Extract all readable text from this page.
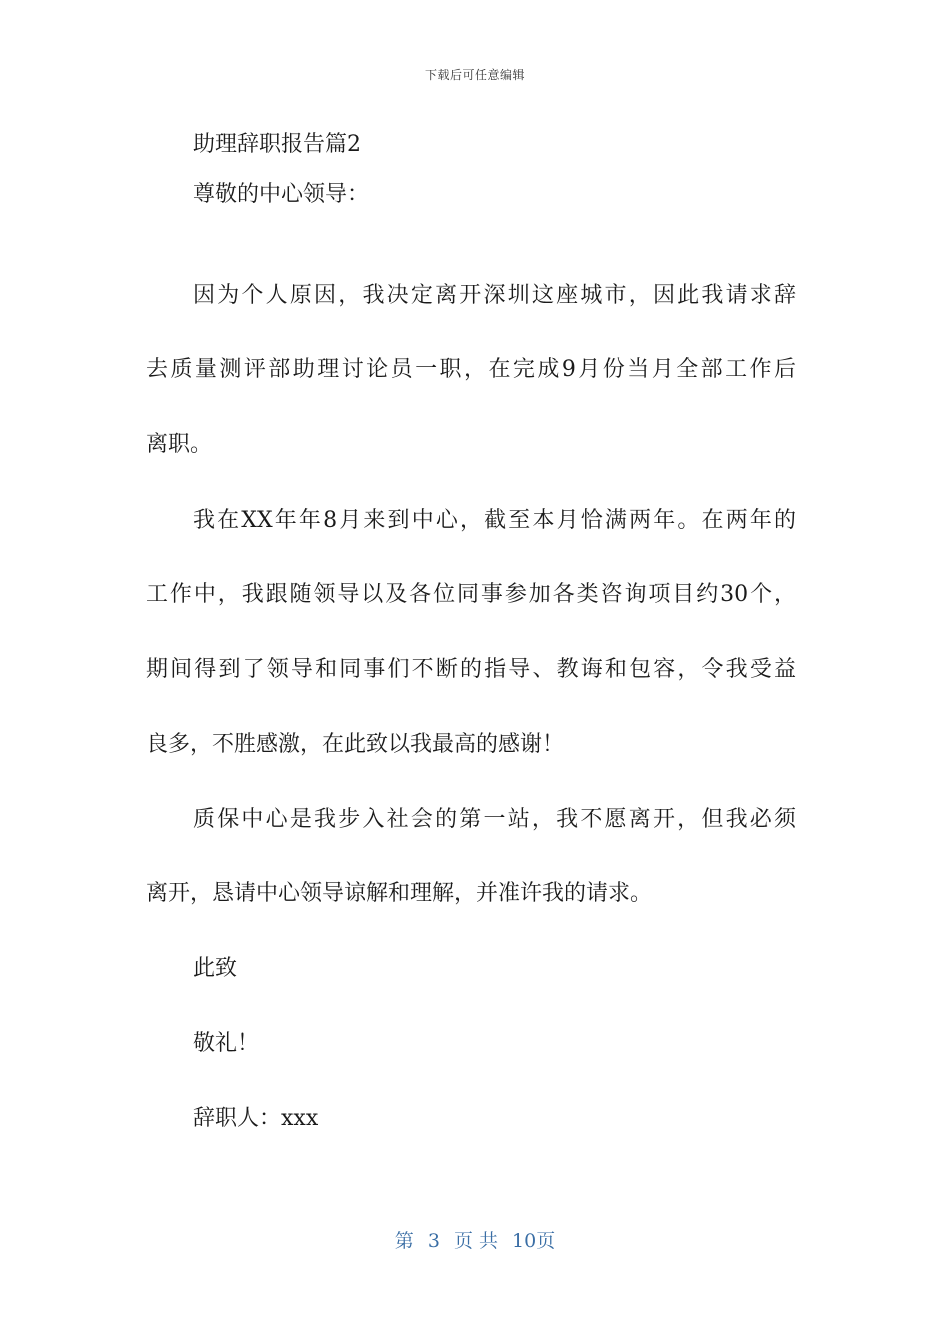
下载后可任意编辑
助理辞职报告篇2
尊敬的中心领导：
因为个人原因，我决定离开深圳这座城市，因此我请求辞
去质量测评部助理讨论员一职，在完成9月份当月全部工作后
离职。
我在XX年年8月来到中心，截至本月恰满两年。在两年的
工作中，我跟随领导以及各位同事参加各类咨询项目约30个，
期间得到了领导和同事们不断的指导、教诲和包容，令我受益
良多，不胜感激，在此致以我最高的感谢！
质保中心是我步入社会的第一站，我不愿离开，但我必须
离开，恳请中心领导谅解和理解，并准许我的请求。
此致
敬礼！
辞职人：xxx
第 3 页 共 10页
